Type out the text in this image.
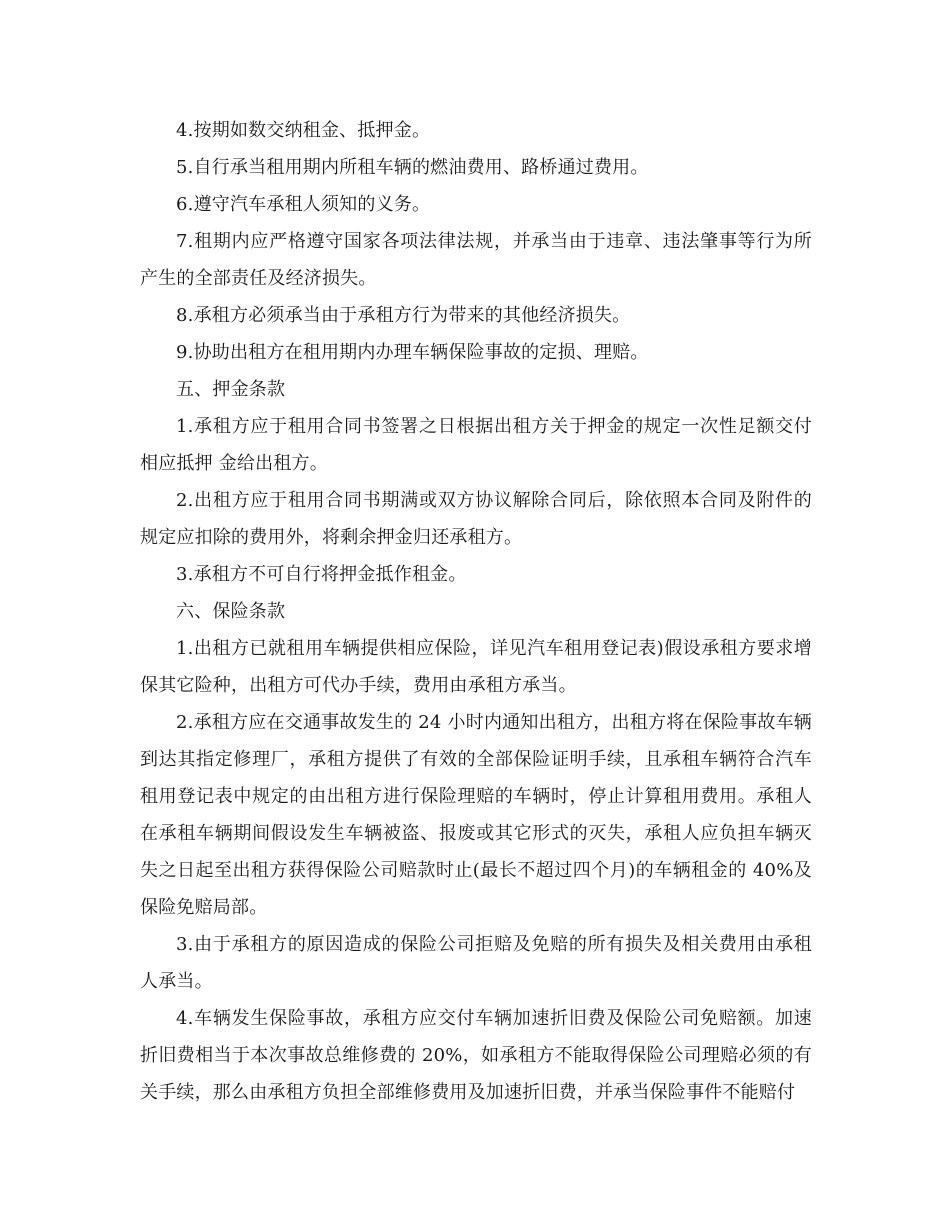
4.按期如数交纳租金、抵押金。

5.自行承当租用期内所租车辆的燃油费用、路桥通过费用。

6.遵守汽车承租人须知的义务。

7.租期内应严格遵守国家各项法律法规，并承当由于违章、违法肇事等行为所产生的全部责任及经济损失。

8.承租方必须承当由于承租方行为带来的其他经济损失。

9.协助出租方在租用期内办理车辆保险事故的定损、理赔。

五、押金条款

1.承租方应于租用合同书签署之日根据出租方关于押金的规定一次性足额交付相应抵押 金给出租方。

2.出租方应于租用合同书期满或双方协议解除合同后，除依照本合同及附件的规定应扣除的费用外，将剩余押金归还承租方。

3.承租方不可自行将押金抵作租金。

六、保险条款

1.出租方已就租用车辆提供相应保险，详见汽车租用登记表)假设承租方要求增保其它险种，出租方可代办手续，费用由承租方承当。

2.承租方应在交通事故发生的 24 小时内通知出租方，出租方将在保险事故车辆到达其指定修理厂，承租方提供了有效的全部保险证明手续，且承租车辆符合汽车租用登记表中规定的由出租方进行保险理赔的车辆时，停止计算租用费用。承租人在承租车辆期间假设发生车辆被盗、报废或其它形式的灭失，承租人应负担车辆灭失之日起至出租方获得保险公司赔款时止(最长不超过四个月)的车辆租金的 40%及保险免赔局部。

3.由于承租方的原因造成的保险公司拒赔及免赔的所有损失及相关费用由承租人承当。

4.车辆发生保险事故，承租方应交付车辆加速折旧费及保险公司免赔额。加速折旧费相当于本次事故总维修费的 20%，如承租方不能取得保险公司理赔必须的有关手续，那么由承租方负担全部维修费用及加速折旧费，并承当保险事件不能赔付
